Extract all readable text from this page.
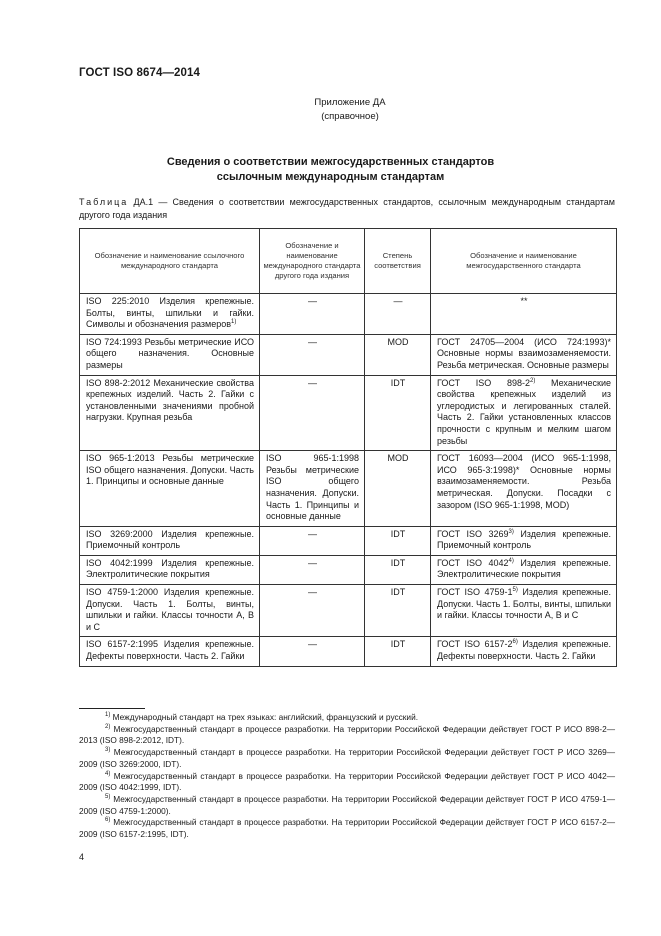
ГОСТ ISO 8674—2014
Приложение ДА
(справочное)
Сведения о соответствии межгосударственных стандартов
ссылочным международным стандартам
Таблица ДА.1 — Сведения о соответствии межгосударственных стандартов, ссылочным международным стандартам другого года издания
Обозначение и наименование ссылочного международного стандарта	Обозначение и наименование международного стандарта другого года издания	Степень соответствия	Обозначение и наименование межгосударственного стандарта
ISO 225:2010 Изделия крепежные. Болты, винты, шпильки и гайки. Символы и обозначения размеров$^{1)}$	—	—	**
ISO 724:1993 Резьбы метрические ИСО общего назначения. Основные размеры	—	MOD	ГОСТ 24705—2004 (ИСО 724:1993)* Основные нормы взаимозаменяемости. Резьба метрическая. Основные размеры
ISO 898-2:2012 Механические свойства крепежных изделий. Часть 2. Гайки с установленными значениями пробной нагрузки. Крупная резьба	—	IDT	ГОСТ ISO 898-2$^{2)}$ Механические свойства крепежных изделий из углеродистых и легированных сталей. Часть 2. Гайки установленных классов прочности с крупным и мелким шагом резьбы
ISO 965-1:2013 Резьбы метрические ISO общего назначения. Допуски. Часть 1. Принципы и основные данные	ISO 965-1:1998 Резьбы метрические ISO общего назначения. Допуски. Часть 1. Принципы и основные данные	MOD	ГОСТ 16093—2004 (ИСО 965-1:1998, ИСО 965-3:1998)* Основные нормы взаимозаменяемости. Резьба метрическая. Допуски. Посадки с зазором (ISO 965-1:1998, MOD)
ISO 3269:2000 Изделия крепежные. Приемочный контроль	—	IDT	ГОСТ ISO 3269$^{3)}$ Изделия крепежные. Приемочный контроль
ISO 4042:1999 Изделия крепежные. Электролитические покрытия	—	IDT	ГОСТ ISO 4042$^{4)}$ Изделия крепежные. Электролитические покрытия
ISO 4759-1:2000 Изделия крепежные. Допуски. Часть 1. Болты, винты, шпильки и гайки. Классы точности A, B и C	—	IDT	ГОСТ ISO 4759-1$^{5)}$ Изделия крепежные. Допуски. Часть 1. Болты, винты, шпильки и гайки. Классы точности A, B и C
ISO 6157-2:1995 Изделия крепежные. Дефекты поверхности. Часть 2. Гайки	—	IDT	ГОСТ ISO 6157-2$^{6)}$ Изделия крепежные. Дефекты поверхности. Часть 2. Гайки
$^{1)}$ Международный стандарт на трех языках: английский, французский и русский.
$^{2)}$ Межгосударственный стандарт в процессе разработки. На территории Российской Федерации действует ГОСТ Р ИСО 898-2—2013 (ISO 898-2:2012, IDT).
$^{3)}$ Межгосударственный стандарт в процессе разработки. На территории Российской Федерации действует ГОСТ Р ИСО 3269—2009 (ISO 3269:2000, IDT).
$^{4)}$ Межгосударственный стандарт в процессе разработки. На территории Российской Федерации действует ГОСТ Р ИСО 4042—2009 (ISO 4042:1999, IDT).
$^{5)}$ Межгосударственный стандарт в процессе разработки. На территории Российской Федерации действует ГОСТ Р ИСО 4759-1—2009 (ISO 4759-1:2000).
$^{6)}$ Межгосударственный стандарт в процессе разработки. На территории Российской Федерации действует ГОСТ Р ИСО 6157-2—2009 (ISO 6157-2:1995, IDT).
4
